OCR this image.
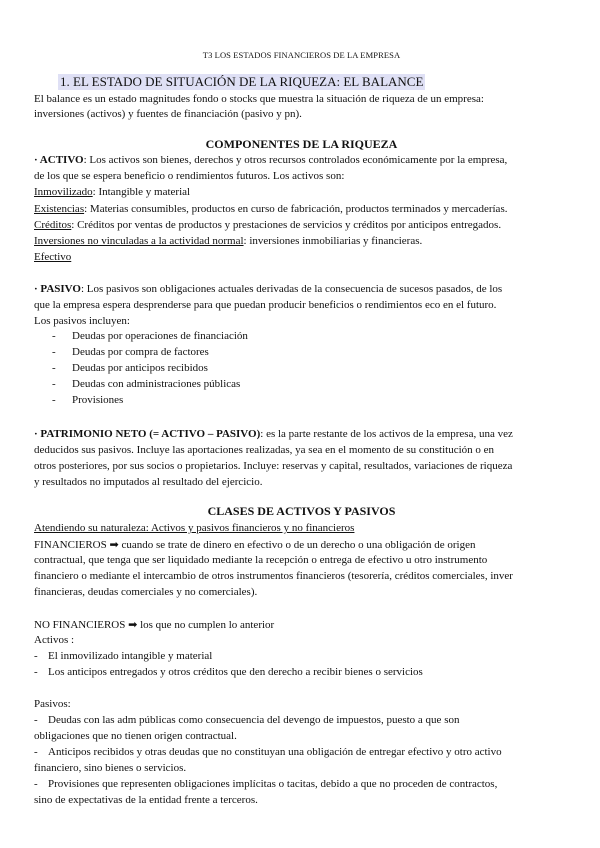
T3 LOS ESTADOS FINANCIEROS DE LA EMPRESA
1. EL ESTADO DE SITUACIÓN DE LA RIQUEZA: EL BALANCE
El balance es un estado magnitudes fondo o stocks que muestra la situación de riqueza de un empresa:
inversiones (activos) y fuentes de financiación (pasivo y pn).
COMPONENTES DE LA RIQUEZA
· ACTIVO: Los activos son bienes, derechos y otros recursos controlados económicamente por la empresa,
de los que se espera beneficio o rendimientos futuros. Los activos son:
Inmovilizado: Intangible y material
Existencias: Materias consumibles, productos en curso de fabricación, productos terminados y mercaderías.
Créditos: Créditos por ventas de productos y prestaciones de servicios y créditos por anticipos entregados.
Inversiones no vinculadas a la actividad normal: inversiones inmobiliarias y financieras.
Efectivo
· PASIVO: Los pasivos son obligaciones actuales derivadas de la consecuencia de sucesos pasados, de los
que la empresa espera desprenderse para que puedan producir beneficios o rendimientos eco en el futuro.
Los pasivos incluyen:
- Deudas por operaciones de financiación
- Deudas por compra de factores
- Deudas por anticipos recibidos
- Deudas con administraciones públicas
- Provisiones
· PATRIMONIO NETO (= ACTIVO – PASIVO): es la parte restante de los activos de la empresa, una vez
deducidos sus pasivos. Incluye las aportaciones realizadas, ya sea en el momento de su constitución o en
otros posteriores, por sus socios o propietarios. Incluye: reservas y capital, resultados, variaciones de riqueza
y resultados no imputados al resultado del ejercicio.
CLASES DE ACTIVOS Y PASIVOS
Atendiendo su naturaleza: Activos y pasivos financieros y no financieros
FINANCIEROS ➡ cuando se trate de dinero en efectivo o de un derecho o una obligación de origen
contractual, que tenga que ser liquidado mediante la recepción o entrega de efectivo u otro instrumento
financiero o mediante el intercambio de otros instrumentos financieros (tesorería, créditos comerciales, inver
financieras, deudas comerciales y no comerciales).
NO FINANCIEROS ➡ los que no cumplen lo anterior
Activos :
- El inmovilizado intangible y material
- Los anticipos entregados y otros créditos que den derecho a recibir bienes o servicios
Pasivos:
- Deudas con las adm públicas como consecuencia del devengo de impuestos, puesto a que son
obligaciones que no tienen origen contractual.
- Anticipos recibidos y otras deudas que no constituyan una obligación de entregar efectivo y otro activo
financiero, sino bienes o servicios.
- Provisiones que representen obligaciones implícitas o tacitas, debido a que no proceden de contractos,
sino de expectativas de la entidad frente a terceros.
